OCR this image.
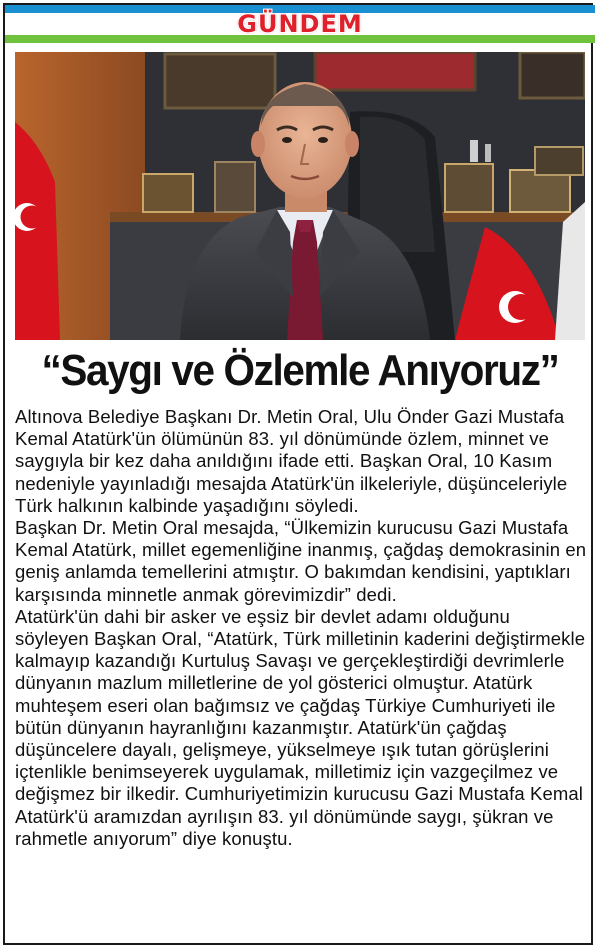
GÜNDEM
“Saygı ve Özlemle Anıyoruz”

Altınova Belediye Başkanı Dr. Metin Oral, Ulu Önder Gazi Mustafa Kemal Atatürk'ün ölümünün 83. yıl dönümünde özlem, minnet ve saygıyla bir kez daha anıldığını ifade etti. Başkan Oral, 10 Kasım nedeniyle yayınladığı mesajda Atatürk'ün ilkeleriyle, düşünceleriyle Türk halkının kalbinde yaşadığını söyledi.

Başkan Dr. Metin Oral mesajda, “Ülkemizin kurucusu Gazi Mustafa Kemal Atatürk, millet egemenliğine inanmış, çağdaş demokrasinin en geniş anlamda temellerini atmıştır. O bakımdan kendisini, yaptıkları karşısında minnetle anmak görevimizdir” dedi.

Atatürk'ün dahi bir asker ve eşsiz bir devlet adamı olduğunu söyleyen Başkan Oral, “Atatürk, Türk milletinin kaderini değiştirmekle kalmayıp kazandığı Kurtuluş Savaşı ve gerçekleştirdiği devrimlerle dünyanın mazlum milletlerine de yol gösterici olmuştur. Atatürk muhteşem eseri olan bağımsız ve çağdaş Türkiye Cumhuriyeti ile bütün dünyanın hayranlığını kazanmıştır. Atatürk'ün çağdaş düşüncelere dayalı, gelişmeye, yükselmeye ışık tutan görüşlerini içtenlikle benimseyerek uygulamak, milletimiz için vazgeçilmez ve değişmez bir ilkedir. Cumhuriyetimizin kurucusu Gazi Mustafa Kemal Atatürk'ü aramızdan ayrılışın 83. yıl dönümünde saygı, şükran ve rahmetle anıyorum” diye konuştu.
